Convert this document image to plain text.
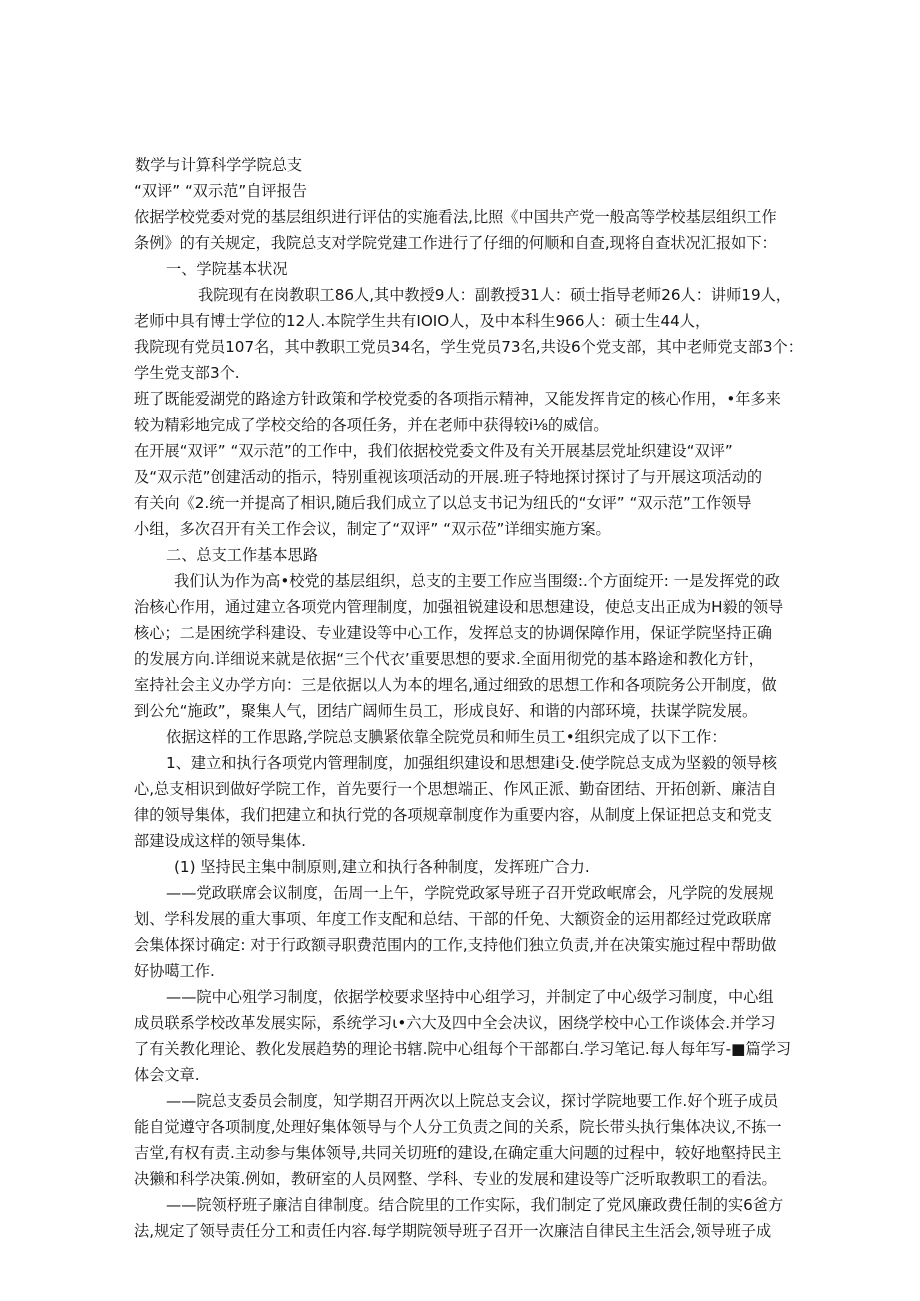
数学与计算科学学院总支
“双评” “双示范”自评报告
依据学校党委对党的基层组织进行评估的实施看法,比照《中国共产党一般高等学校基层组织工作
条例》的有关规定，我院总支对学院党建工作进行了仔细的何顺和自查,现将自查状况汇报如下：
一、学院基本状况
我院现有在岗教职工86人,其中教授9人：副教授31人：硕士指导老师26人：讲师19人，
老师中具有博士学位的12人.本院学生共有IOIO人，及中本科生966人：硕士生44人，
我院现有党员107名，其中教职工党员34名，学生党员73名,共设6个党支部，其中老师党支部3个：
学生党支部3个.
班了既能爱湖党的路途方针政策和学校党委的各项指示精神，又能发挥肯定的核心作用，•年多来
较为精彩地完成了学校交给的各项任务，并在老师中获得较i⅛的威信。
在开展“双评” “双示范”的工作中，我们依据校党委文件及有关开展基层党址织建设“双评”
及“双示范”创建活动的指示，特别重视该项活动的开展.班子特地探讨探讨了与开展这项活动的
有关向《2.统一并提高了相识,随后我们成立了以总支书记为纽氏的“女评” “双示范”工作领导
小组，多次召开有关工作会议，制定了“双评” “双示莅”详细实施方案。
二、总支工作基本思路
我们认为作为高•校党的基层组织，总支的主要工作应当围缀:.个方面绽开: 一是发挥党的政
治核心作用，通过建立各项党内管理制度，加强祖锐建设和思想建设，使总支出正成为H毅的领导
核心；二是困统学科建设、专业建设等中心工作，发挥总支的协调保障作用，保证学院坚持正确
的发展方向.详细说来就是依据“三个代衣’重要思想的要求.全面用彻党的基本路途和教化方针，
室持社会主义办学方向：三是依据以人为本的埋名,通过细致的思想工作和各项院务公开制度，做
到公允“施政”，聚集人气，团结广阔师生员工，形成良好、和谐的内部环境，扶谋学院发展。
依据这样的工作思路,学院总支腆紧依靠全院党员和师生员工•组织完成了以下工作：
1、建立和执行各项党内管理制度，加强组织建设和思想建i殳.使学院总支成为坚毅的领导核
心,总支相识到做好学院工作，首先要行一个思想端正、作风正派、勤奋团结、开拓创新、廉洁自
律的领导集体，我们把建立和执行党的各项规章制度作为重要内容，从制度上保证把总支和党支
部建设成这样的领导集体.
(1) 坚持民主集中制原则,建立和执行各种制度，发挥班广合力.
——党政联席会议制度，缶周一上午，学院党政冢导班子召开党政岷席会，凡学院的发展规
划、学科发展的重大事项、年度工作支配和总结、干部的仟免、大额资金的运用都经过党政联席
会集体探讨确定: 对于行政额寻职费范围内的工作,支持他们独立负责,并在决策实施过程中帮助做
好协噶工作.
——院中心殂学习制度，依据学校要求坚持中心组学习，并制定了中心级学习制度，中心组
成员联系学校改革发展实际，系统学习ι•六大及四中全会决议，困绕学校中心工作谈体会.并学习
了有关教化理论、教化发展趋势的理论书辖.院中心组每个干部都白.学习笔记.每人每年写-■篇学习
体会文章.
——院总支委员会制度，知学期召开两次以上院总支会议，探讨学院地要工作.好个班子成员
能自觉遵守各项制度,处理好集体领导与个人分工负责之间的关系，院长带头执行集体决议,不拣一
吉堂,有权有责.主动参与集体领导,共同关切班f的建设,在确定重大问题的过程中，较好地壑持民主
决獭和科学决策.例如，教研室的人员网整、学科、专业的发展和建设等广泛听取教职工的看法。
——院领杼班子廉洁自律制度。结合院里的工作实际，我们制定了党风廉政费任制的实6爸方
法,规定了领导责任分工和责任内容.每学期院领导班子召开一次廉洁自律民主生活会,领导班子成
